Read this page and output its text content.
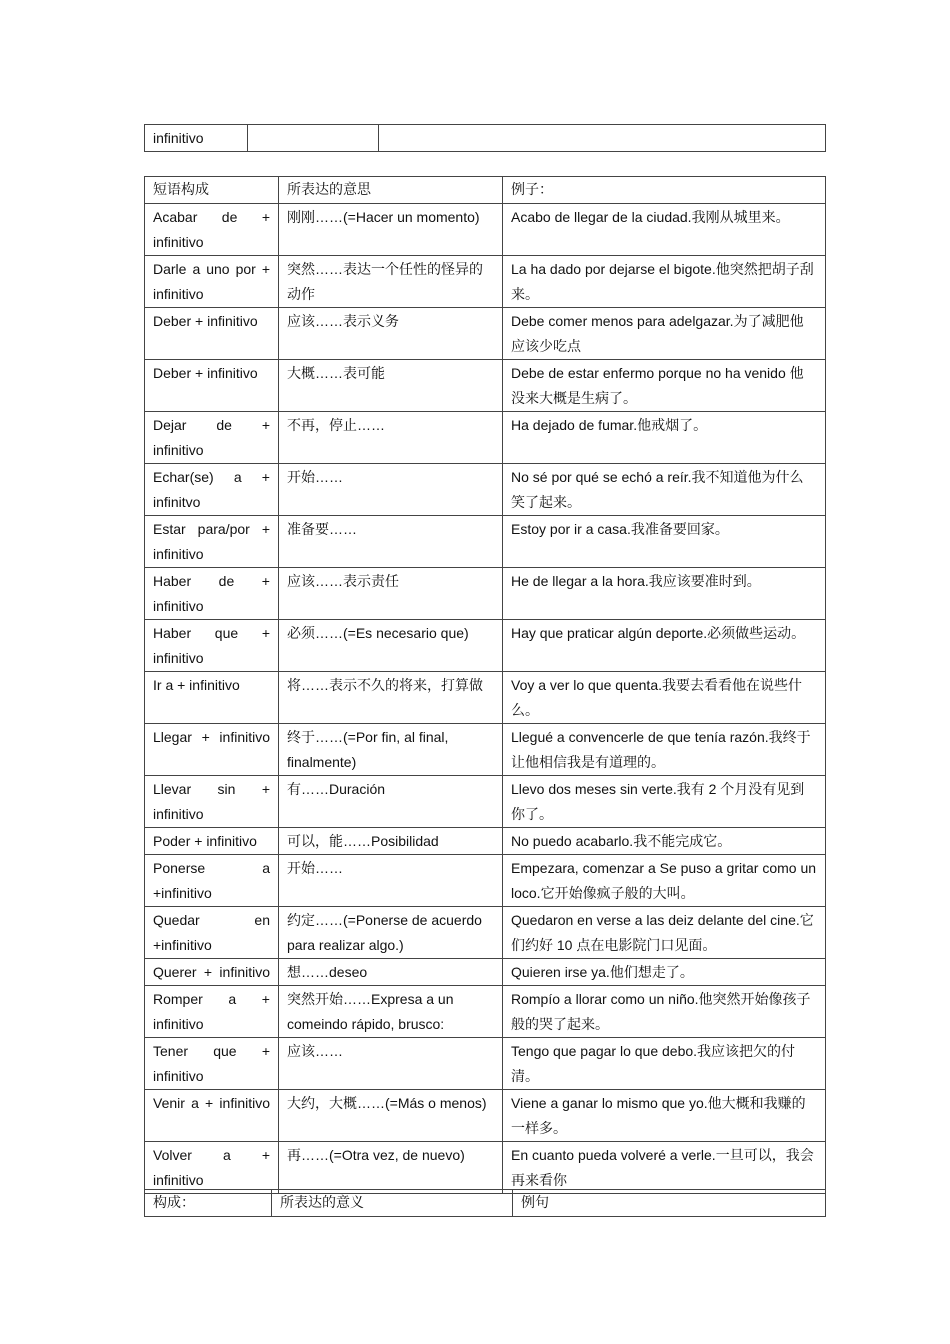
infinitivo		
短语构成	所表达的意思	例子：
Acabar de + infinitivo	刚刚……(=Hacer un momento)	Acabo de llegar de la ciudad.我刚从城里来。
Darle a uno por + infinitivo	突然……表达一个任性的怪异的动作	La ha dado por dejarse el bigote.他突然把胡子刮来。
Deber + infinitivo	应该……表示义务	Debe comer menos para adelgazar.为了减肥他应该少吃点
Deber + infinitivo	大概……表可能	Debe de estar enfermo porque no ha venido 他没来大概是生病了。
Dejar de + infinitivo	不再，停止……	Ha dejado de fumar.他戒烟了。
Echar(se) a + infinitvo	开始……	No sé por qué se echó a reír.我不知道他为什么笑了起来。
Estar para/por + infinitivo	准备要……	Estoy por ir a casa.我准备要回家。
Haber de + infinitivo	应该……表示责任	He de llegar a la hora.我应该要准时到。
Haber que + infinitivo	必须……(=Es necesario que)	Hay que praticar algún deporte.必须做些运动。
Ir a + infinitivo	将……表示不久的将来，打算做	Voy a ver lo que quenta.我要去看看他在说些什么。
Llegar + infinitivo	终于……(=Por fin, al final, finalmente)	Llegué a convencerle de que tenía razón.我终于让他相信我是有道理的。
Llevar sin + infinitivo	有……Duración	Llevo dos meses sin verte.我有 2 个月没有见到你了。
Poder + infinitivo	可以，能……Posibilidad	No puedo acabarlo.我不能完成它。
Ponerse a +infinitivo	开始……	Empezara, comenzar a Se puso a gritar como un loco.它开始像疯子般的大叫。
Quedar en +infinitivo	约定……(=Ponerse de acuerdo para realizar algo.)	Quedaron en verse a las deiz delante del cine.它们约好 10 点在电影院门口见面。
Querer + infinitivo	想……deseo	Quieren irse ya.他们想走了。
Romper a + infinitivo	突然开始……Expresa a un comeindo rápido, brusco:	Rompío a llorar como un niño.他突然开始像孩子般的哭了起来。
Tener que + infinitivo	应该……	Tengo que pagar lo que debo.我应该把欠的付清。
Venir a + infinitivo	大约，大概……(=Más o menos)	Viene a ganar lo mismo que yo.他大概和我赚的一样多。
Volver a + infinitivo	再……(=Otra vez, de nuevo)	En cuanto pueda volveré a verle.一旦可以，我会再来看你
构成：	所表达的意义	例句
